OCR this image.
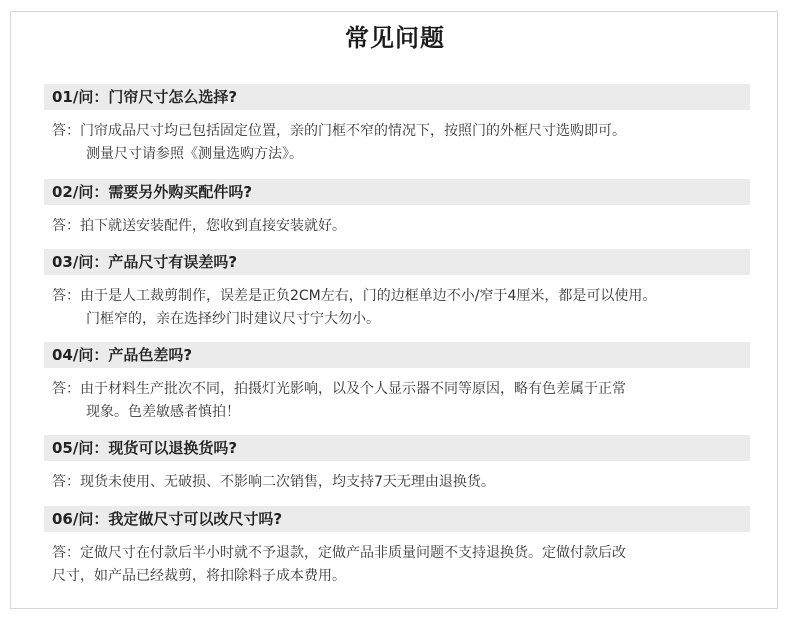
常见问题
01/问：门帘尺寸怎么选择?
答：门帘成品尺寸均已包括固定位置，亲的门框不窄的情况下，按照门的外框尺寸选购即可。
测量尺寸请参照《测量选购方法》。
02/问：需要另外购买配件吗?
答：拍下就送安装配件，您收到直接安装就好。
03/问：产品尺寸有误差吗?
答：由于是人工裁剪制作，误差是正负2CM左右，门的边框单边不小/窄于4厘米，都是可以使用。
门框窄的，亲在选择纱门时建议尺寸宁大勿小。
04/问：产品色差吗?
答：由于材料生产批次不同，拍摄灯光影响，以及个人显示器不同等原因，略有色差属于正常
现象。色差敏感者慎拍！
05/问：现货可以退换货吗?
答：现货未使用、无破损、不影响二次销售，均支持7天无理由退换货。
06/问：我定做尺寸可以改尺寸吗?
答：定做尺寸在付款后半小时就不予退款，定做产品非质量问题不支持退换货。定做付款后改
尺寸，如产品已经裁剪，将扣除料子成本费用。
